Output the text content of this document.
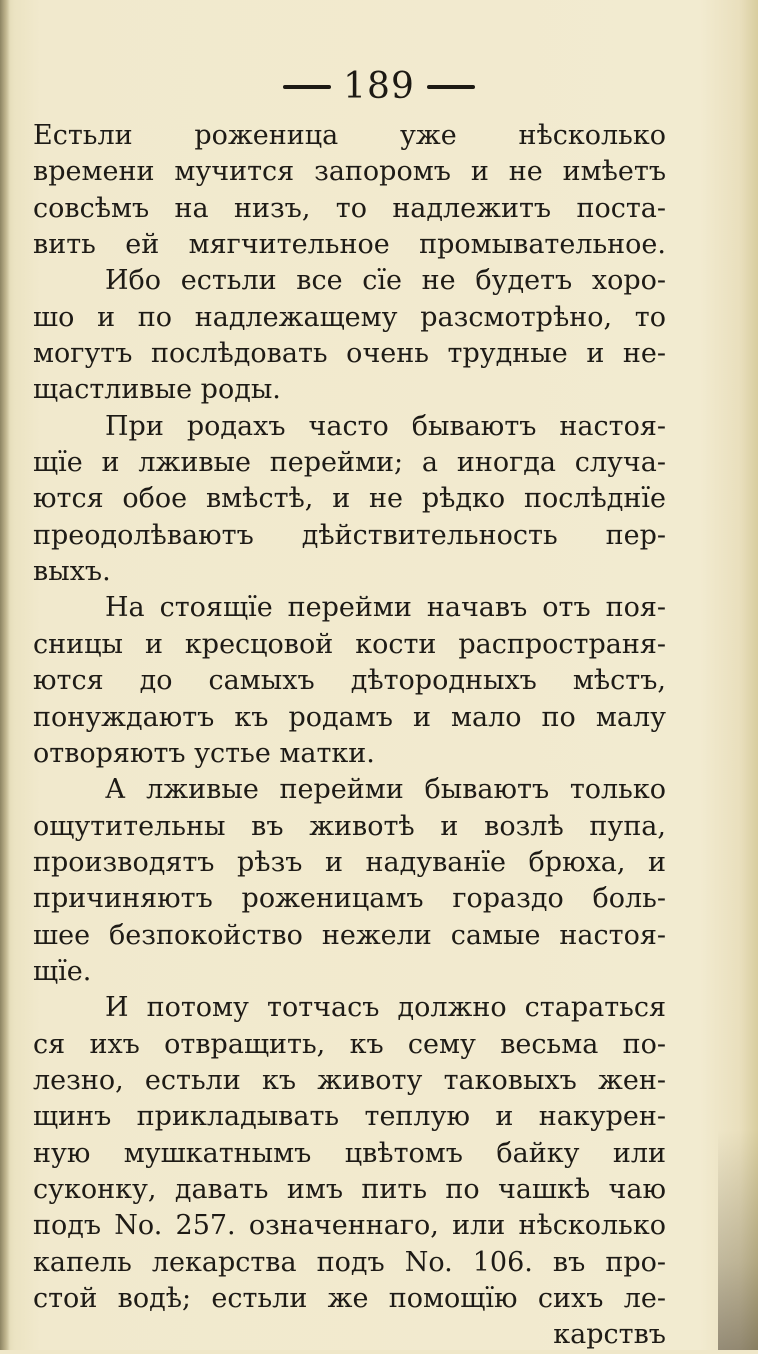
189
Естьли роженица уже нѣсколько
времени мучится запоромъ и не имѣетъ
совсѣмъ на низъ, то надлежитъ поста-
вить ей мягчительное промывательное.
Ибо естьли все сїе не будетъ хоро-
шо и по надлежащему разсмотрѣно, то
могутъ послѣдовать очень трудные и не-
щастливые роды.
При родахъ часто бываютъ настоя-
щїе и лживые перейми; а иногда случа-
ются обое вмѣстѣ, и не рѣдко послѣднїе
преодолѣваютъ дѣйствительность пер-
выхъ.
На стоящїе перейми начавъ отъ поя-
сницы и кресцовой кости распространя-
ются до самыхъ дѣтородныхъ мѣстъ,
понуждаютъ къ родамъ и мало по малу
отворяютъ устье матки.
А лживые перейми бываютъ только
ощутительны въ животѣ и возлѣ пупа,
производятъ рѣзъ и надуванїе брюха, и
причиняютъ роженицамъ гораздо боль-
шее безпокойство нежели самые настоя-
щїе.
И потому тотчасъ должно стараться
ся ихъ отвращить, къ сему весьма по-
лезно, естьли къ животу таковыхъ жен-
щинъ прикладывать теплую и накурен-
ную мушкатнымъ цвѣтомъ байку или
суконку, давать имъ пить по чашкѣ чаю
подъ No. 257. означеннаго, или нѣсколько
капель лекарства подъ No. 106. въ про-
стой водѣ; естьли же помощїю сихъ ле-
карствъ
